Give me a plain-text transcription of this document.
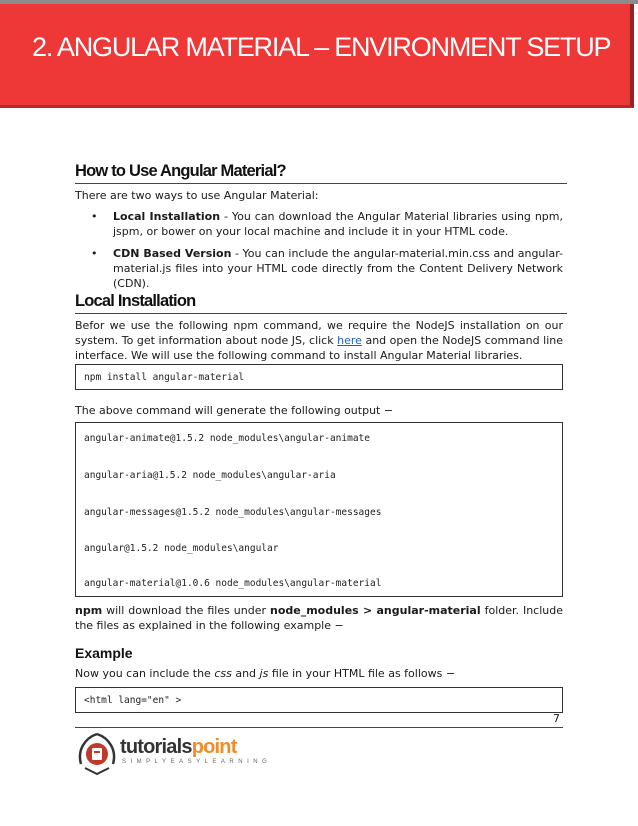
2. ANGULAR MATERIAL – ENVIRONMENT SETUP
How to Use Angular Material?
There are two ways to use Angular Material:
• Local Installation - You can download the Angular Material libraries using npm, jspm, or bower on your local machine and include it in your HTML code.
• CDN Based Version - You can include the angular-material.min.css and angular-material.js files into your HTML code directly from the Content Delivery Network (CDN).
Local Installation
Befor we use the following npm command, we require the NodeJS installation on our system. To get information about node JS, click here and open the NodeJS command line interface. We will use the following command to install Angular Material libraries.
npm install angular-material
The above command will generate the following output −
angular-animate@1.5.2 node_modules\angular-animate
angular-aria@1.5.2 node_modules\angular-aria
angular-messages@1.5.2 node_modules\angular-messages
angular@1.5.2 node_modules\angular
angular-material@1.0.6 node_modules\angular-material
npm will download the files under node_modules > angular-material folder. Include the files as explained in the following example −
Example
Now you can include the css and js file in your HTML file as follows −
<html lang="en" >
7
tutorialspoint
SIMPLYEASYLEARNING
